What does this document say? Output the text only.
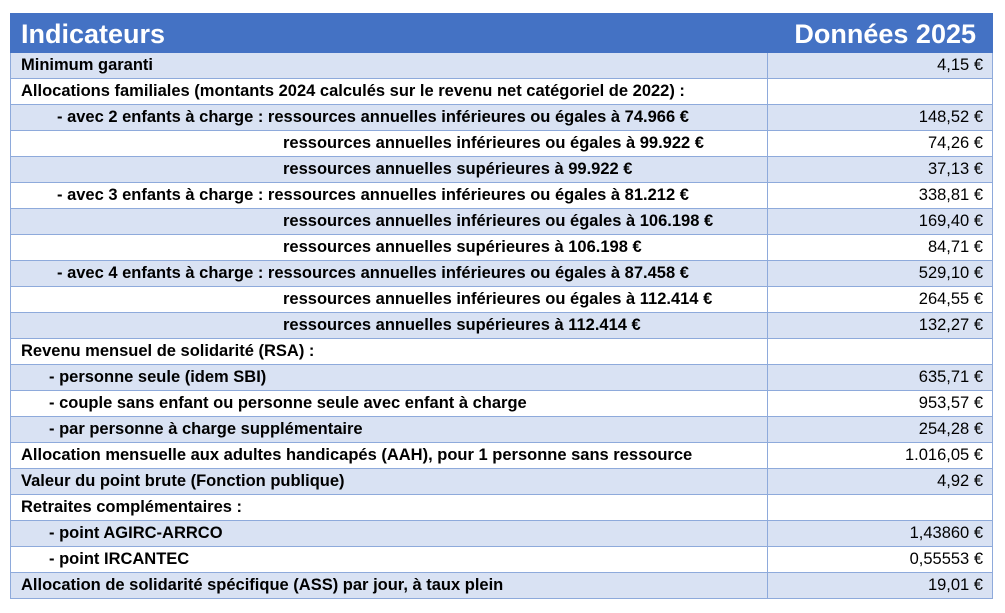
Indicateurs	Données 2025
Minimum garanti	4,15 €
Allocations familiales (montants 2024 calculés sur le revenu net catégoriel de 2022) :
- avec 2 enfants à charge : ressources annuelles inférieures ou égales à 74.966 €	148,52 €
ressources annuelles inférieures ou égales à 99.922 €	74,26 €
ressources annuelles supérieures à 99.922 €	37,13 €
- avec 3 enfants à charge : ressources annuelles inférieures ou égales à 81.212 €	338,81 €
ressources annuelles inférieures ou égales à 106.198 €	169,40 €
ressources annuelles supérieures à 106.198 €	84,71 €
- avec 4 enfants à charge : ressources annuelles inférieures ou égales à 87.458 €	529,10 €
ressources annuelles inférieures ou égales à 112.414 €	264,55 €
ressources annuelles supérieures à 112.414 €	132,27 €
Revenu mensuel de solidarité (RSA) :
- personne seule (idem SBI)	635,71 €
- couple sans enfant ou personne seule avec enfant à charge	953,57 €
- par personne à charge supplémentaire	254,28 €
Allocation mensuelle aux adultes handicapés (AAH), pour 1 personne sans ressource	1.016,05 €
Valeur du point brute (Fonction publique)	4,92 €
Retraites complémentaires :
- point AGIRC-ARRCO	1,43860 €
- point IRCANTEC	0,55553 €
Allocation de solidarité spécifique (ASS) par jour, à taux plein	19,01 €
